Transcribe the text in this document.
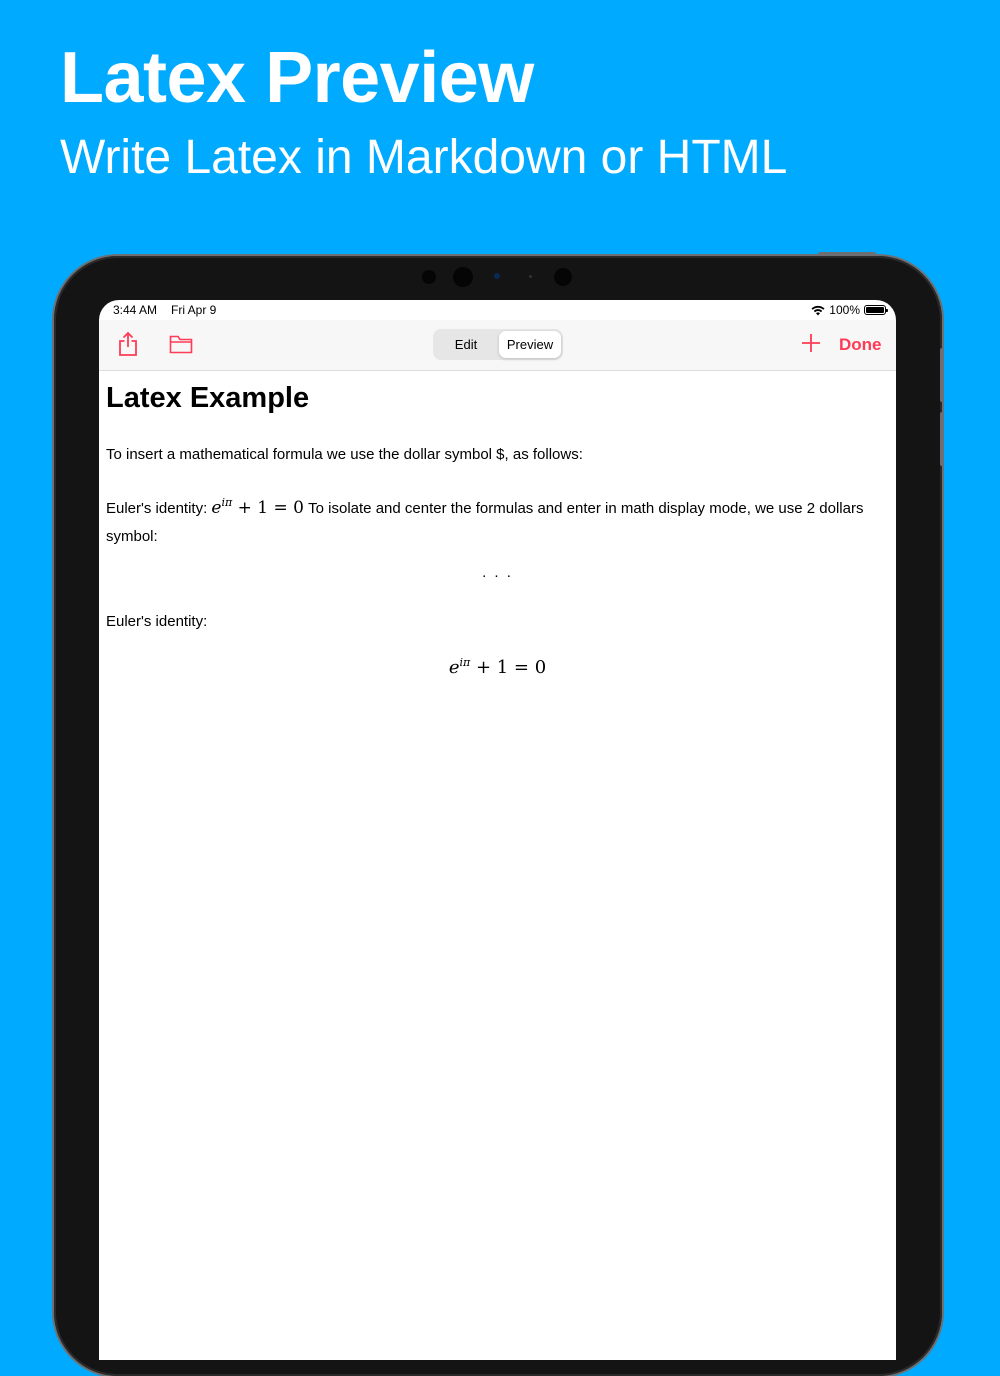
Latex Preview
Write Latex in Markdown or HTML
3:44 AM Fri Apr 9	100%
Edit	Preview	Done
Latex Example
To insert a mathematical formula we use the dollar symbol $, as follows:
Euler's identity: $e^{i\pi} + 1 = 0$ To isolate and center the formulas and enter in math display mode, we use 2 dollars
symbol:
. . .
Euler's identity:
$e^{i\pi} + 1 = 0$
